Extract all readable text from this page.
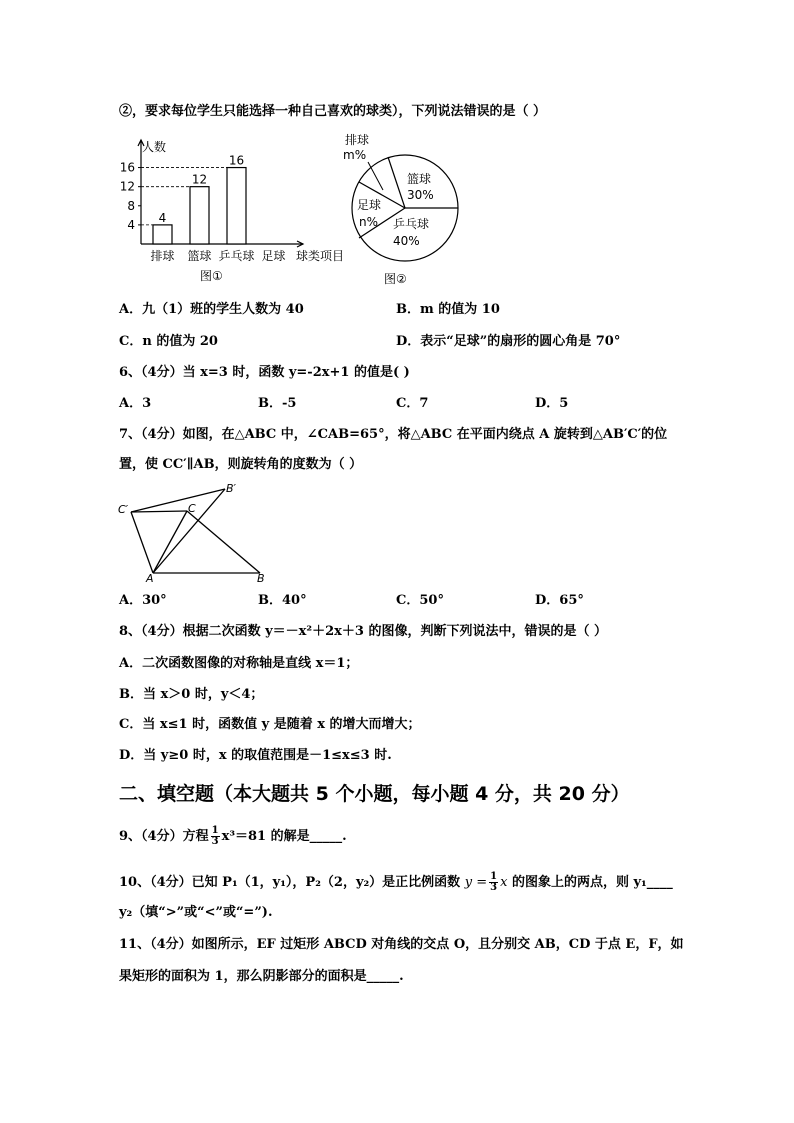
②，要求每位学生只能选择一种自己喜欢的球类），下列说法错误的是（ ）
4
8
12
16
排球
4
篮球
12
乒乓球
16
足球
人数
球类项目
图①
排球
m%
篮球
30%
足球
n% 乒乓球
40%
图②
A．九（1）班的学生人数为 40	B．m 的值为 10
C．n 的值为 20	D．表示“足球”的扇形的圆心角是 70°
6、（4分）当 x=3 时，函数 y=-2x+1 的值是( )
A．3	B．-5	C．7	D．5
7、（4分）如图，在△ABC 中，∠CAB=65°，将△ABC 在平面内绕点 A 旋转到△AB′C′的位
置，使 CC′∥AB，则旋转角的度数为（ ）
A	B
C
B′
C′
A．30°	B．40°	C．50°	D．65°
8、（4分）根据二次函数 y＝－x²＋2x＋3 的图像，判断下列说法中，错误的是（ ）
A．二次函数图像的对称轴是直线 x＝1；
B．当 x＞0 时，y＜4；
C．当 x≤1 时，函数值 y 是随着 x 的增大而增大；
D．当 y≥0 时，x 的取值范围是－1≤x≤3 时.
二、填空题（本大题共 5 个小题，每小题 4 分，共 20 分）
9、（4分）方程 $\frac{1}{3} x^3=81$ 的解是_____.
10、（4分）已知 P₁（1，y₁），P₂（2，y₂）是正比例函数 $y = \frac{1}{3}$ x 的图象上的两点，则 y₁____
y₂（填“>”或“<”或“=”).
11、（4分）如图所示，EF 过矩形 ABCD 对角线的交点 O，且分别交 AB，CD 于点 E，F，如
果矩形的面积为 1，那么阴影部分的面积是_____.
